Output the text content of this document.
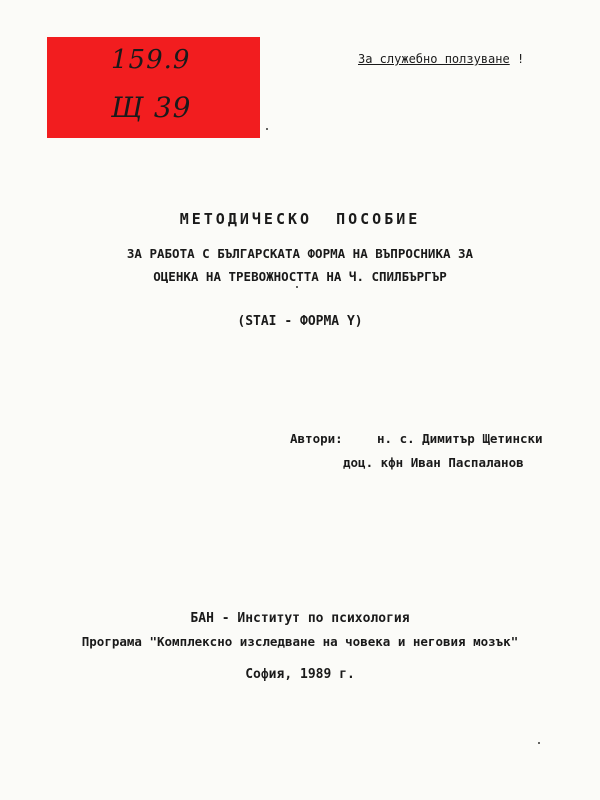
159.9
Щ 39
За служебно ползуване !
МЕТОДИЧЕСКО ПОСОБИЕ
ЗА РАБОТА С БЪЛГАРСКАТА ФОРМА НА ВЪПРОСНИКА ЗА
ОЦЕНКА НА ТРЕВОЖНОСТТА НА Ч. СПИЛБЪРГЪР
(STAI - ФОРМА Y)
Автори:	н. с. Димитър Щетински
доц. кфн Иван Паспаланов
БАН - Институт по психология
Програма "Комплексно изследване на човека и неговия мозък"
София, 1989 г.
